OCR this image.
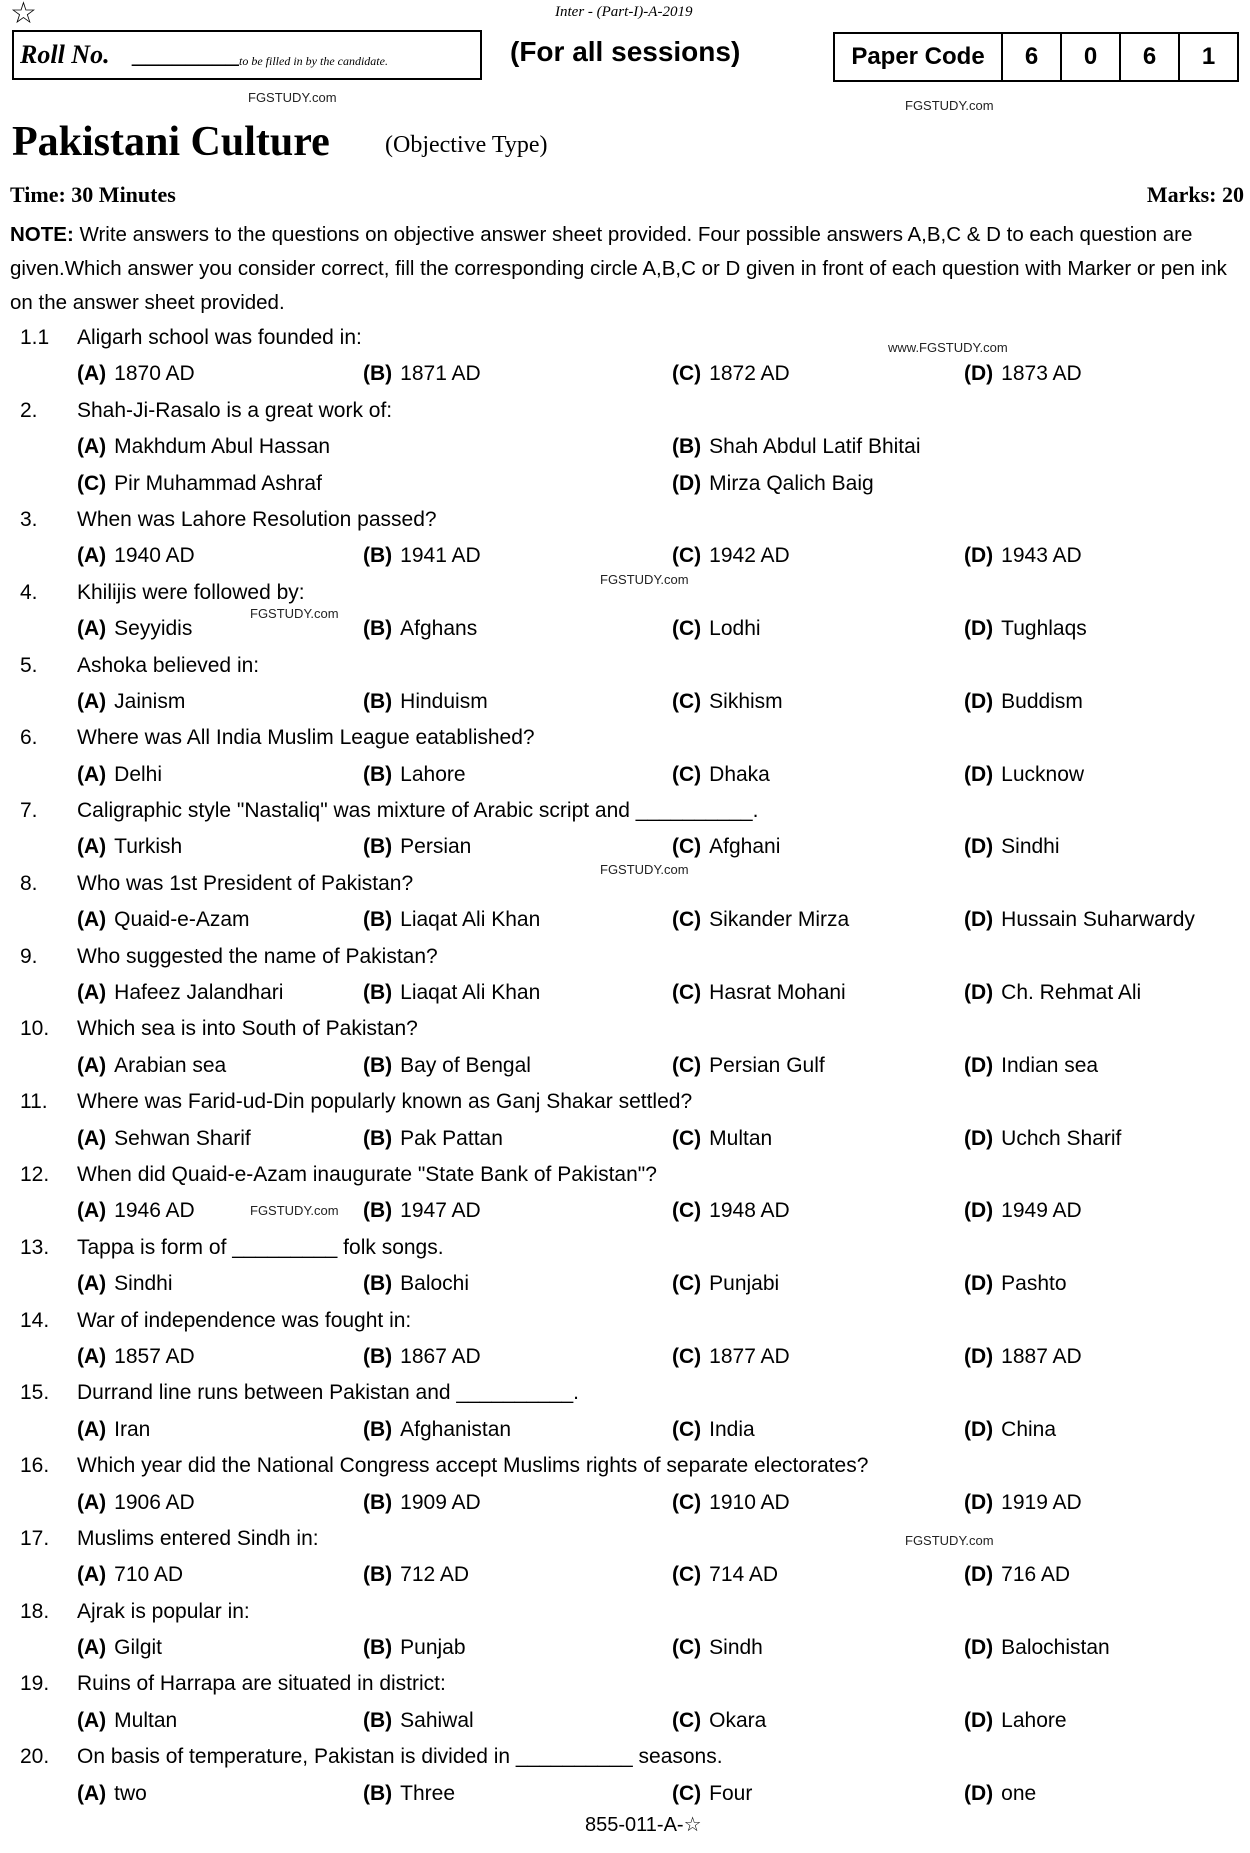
☆	Inter - (Part-I)-A-2019
Roll No. ________ to be filled in by the candidate.	(For all sessions)	Paper Code	6	0	6	1
FGSTUDY.com
FGSTUDY.com
www.FGSTUDY.com
FGSTUDY.com
FGSTUDY.com
FGSTUDY.com
FGSTUDY.com
FGSTUDY.com
Pakistani Culture (Objective Type)
Time: 30 Minutes	Marks: 20
NOTE: Write answers to the questions on objective answer sheet provided. Four possible answers A,B,C & D to each question are given.Which answer you consider correct, fill the corresponding circle A,B,C or D given in front of each question with Marker or pen ink on the answer sheet provided.
1.1 Aligarh school was founded in:
(A) 1870 AD	(B) 1871 AD	(C) 1872 AD	(D) 1873 AD
2. Shah-Ji-Rasalo is a great work of:
(A) Makhdum Abul Hassan	(B) Shah Abdul Latif Bhitai
(C) Pir Muhammad Ashraf	(D) Mirza Qalich Baig
3. When was Lahore Resolution passed?
(A) 1940 AD	(B) 1941 AD	(C) 1942 AD	(D) 1943 AD
4. Khilijis were followed by:
(A) Seyyidis	(B) Afghans	(C) Lodhi	(D) Tughlaqs
5. Ashoka believed in:
(A) Jainism	(B) Hinduism	(C) Sikhism	(D) Buddism
6. Where was All India Muslim League eatablished?
(A) Delhi	(B) Lahore	(C) Dhaka	(D) Lucknow
7. Caligraphic style "Nastaliq" was mixture of Arabic script and __________.
(A) Turkish	(B) Persian	(C) Afghani	(D) Sindhi
8. Who was 1st President of Pakistan?
(A) Quaid-e-Azam	(B) Liaqat Ali Khan	(C) Sikander Mirza	(D) Hussain Suharwardy
9. Who suggested the name of Pakistan?
(A) Hafeez Jalandhari	(B) Liaqat Ali Khan	(C) Hasrat Mohani	(D) Ch. Rehmat Ali
10. Which sea is into South of Pakistan?
(A) Arabian sea	(B) Bay of Bengal	(C) Persian Gulf	(D) Indian sea
11. Where was Farid-ud-Din popularly known as Ganj Shakar settled?
(A) Sehwan Sharif	(B) Pak Pattan	(C) Multan	(D) Uchch Sharif
12. When did Quaid-e-Azam inaugurate "State Bank of Pakistan"?
(A) 1946 AD	(B) 1947 AD	(C) 1948 AD	(D) 1949 AD
13. Tappa is form of _________ folk songs.
(A) Sindhi	(B) Balochi	(C) Punjabi	(D) Pashto
14. War of independence was fought in:
(A) 1857 AD	(B) 1867 AD	(C) 1877 AD	(D) 1887 AD
15. Durrand line runs between Pakistan and __________.
(A) Iran	(B) Afghanistan	(C) India	(D) China
16. Which year did the National Congress accept Muslims rights of separate electorates?
(A) 1906 AD	(B) 1909 AD	(C) 1910 AD	(D) 1919 AD
17. Muslims entered Sindh in:
(A) 710 AD	(B) 712 AD	(C) 714 AD	(D) 716 AD
18. Ajrak is popular in:
(A) Gilgit	(B) Punjab	(C) Sindh	(D) Balochistan
19. Ruins of Harrapa are situated in district:
(A) Multan	(B) Sahiwal	(C) Okara	(D) Lahore
20. On basis of temperature, Pakistan is divided in __________ seasons.
(A) two	(B) Three	(C) Four	(D) one
855-011-A-☆
